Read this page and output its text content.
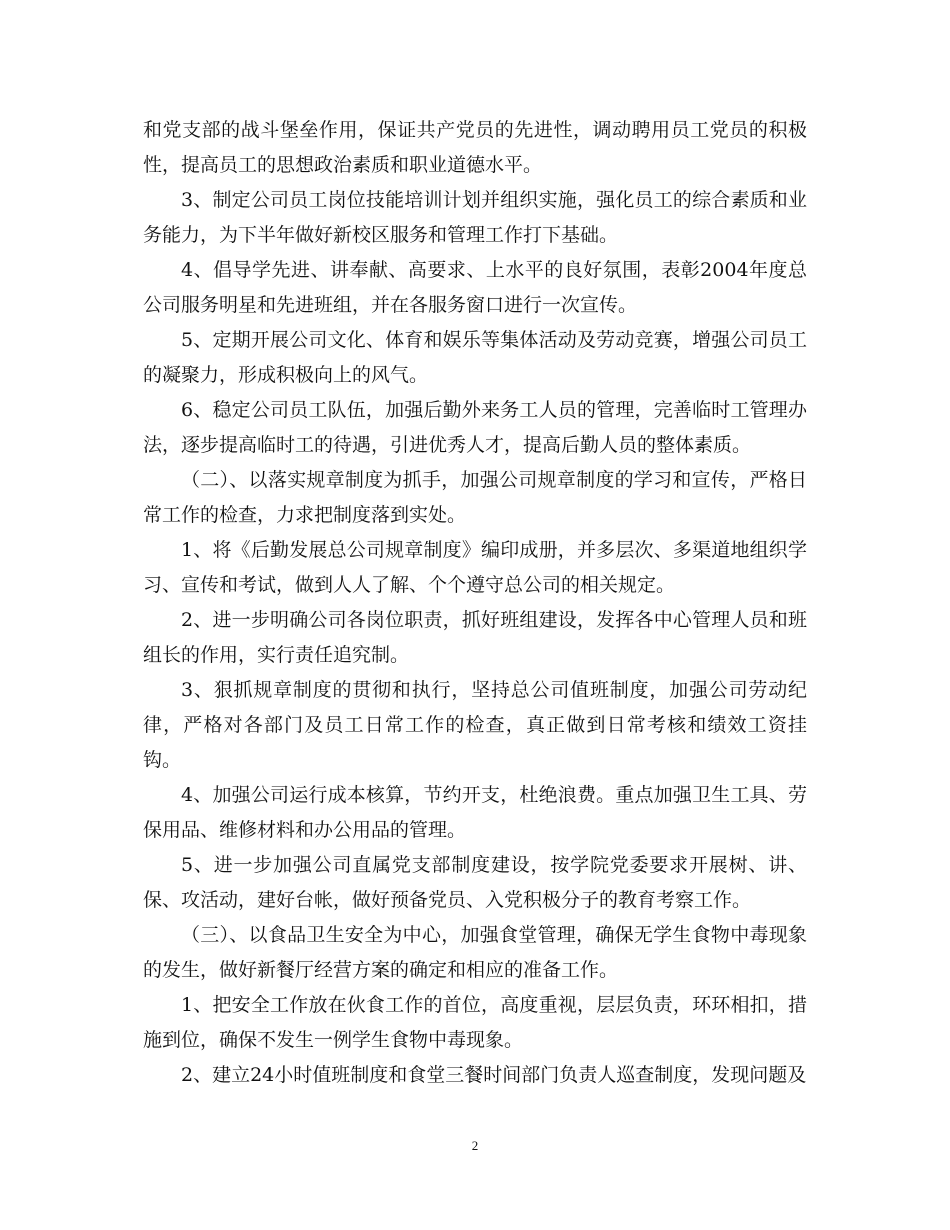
和党支部的战斗堡垒作用，保证共产党员的先进性，调动聘用员工党员的积极性，提高员工的思想政治素质和职业道德水平。

3、制定公司员工岗位技能培训计划并组织实施，强化员工的综合素质和业务能力，为下半年做好新校区服务和管理工作打下基础。

4、倡导学先进、讲奉献、高要求、上水平的良好氛围，表彰2004年度总公司服务明星和先进班组，并在各服务窗口进行一次宣传。

5、定期开展公司文化、体育和娱乐等集体活动及劳动竞赛，增强公司员工的凝聚力，形成积极向上的风气。

6、稳定公司员工队伍，加强后勤外来务工人员的管理，完善临时工管理办法，逐步提高临时工的待遇，引进优秀人才，提高后勤人员的整体素质。

（二）、以落实规章制度为抓手，加强公司规章制度的学习和宣传，严格日常工作的检查，力求把制度落到实处。

1、将《后勤发展总公司规章制度》编印成册，并多层次、多渠道地组织学习、宣传和考试，做到人人了解、个个遵守总公司的相关规定。

2、进一步明确公司各岗位职责，抓好班组建设，发挥各中心管理人员和班组长的作用，实行责任追究制。

3、狠抓规章制度的贯彻和执行，坚持总公司值班制度，加强公司劳动纪律，严格对各部门及员工日常工作的检查，真正做到日常考核和绩效工资挂钩。

4、加强公司运行成本核算，节约开支，杜绝浪费。重点加强卫生工具、劳保用品、维修材料和办公用品的管理。

5、进一步加强公司直属党支部制度建设，按学院党委要求开展树、讲、保、攻活动，建好台帐，做好预备党员、入党积极分子的教育考察工作。

（三）、以食品卫生安全为中心，加强食堂管理，确保无学生食物中毒现象的发生，做好新餐厅经营方案的确定和相应的准备工作。

1、把安全工作放在伙食工作的首位，高度重视，层层负责，环环相扣，措施到位，确保不发生一例学生食物中毒现象。

2、建立24小时值班制度和食堂三餐时间部门负责人巡查制度，发现问题及

2
